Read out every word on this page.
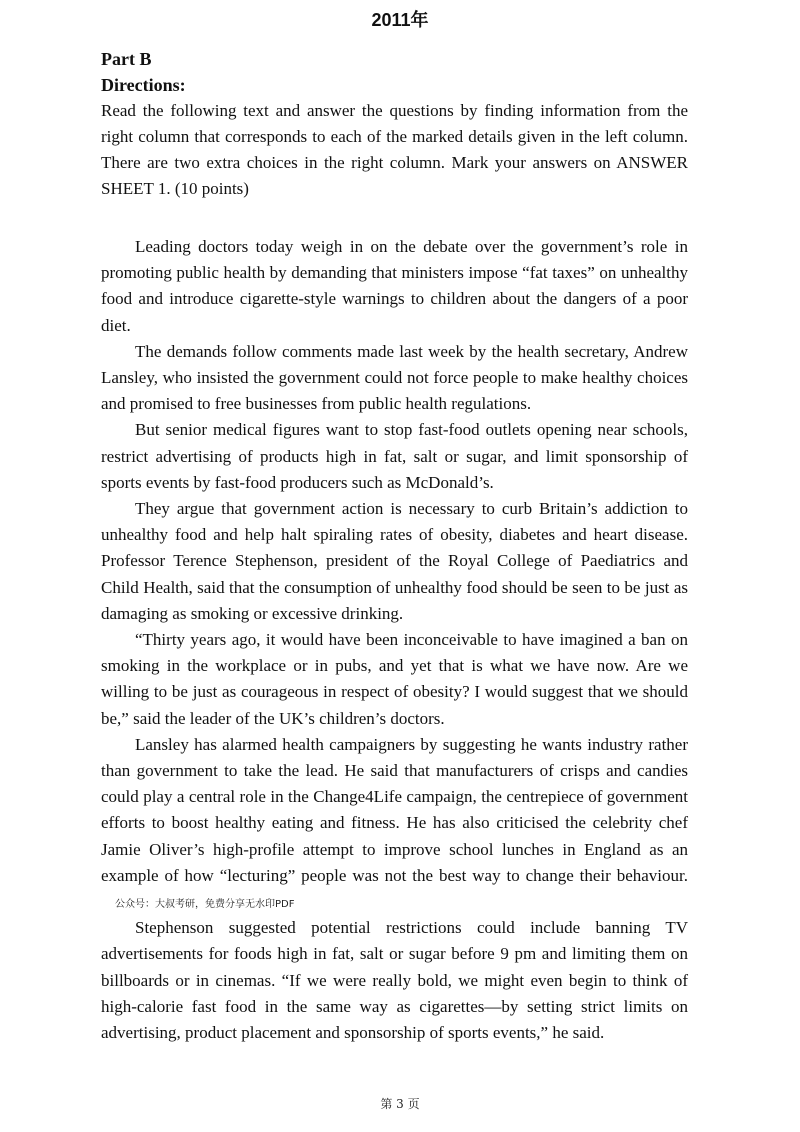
2011年

Part B

Directions:

Read the following text and answer the questions by finding information from the right column that corresponds to each of the marked details given in the left column. There are two extra choices in the right column. Mark your answers on ANSWER SHEET 1. (10 points)

Leading doctors today weigh in on the debate over the government’s role in promoting public health by demanding that ministers impose “fat taxes” on unhealthy food and introduce cigarette-style warnings to children about the dangers of a poor diet.

The demands follow comments made last week by the health secretary, Andrew Lansley, who insisted the government could not force people to make healthy choices and promised to free businesses from public health regulations.

But senior medical figures want to stop fast-food outlets opening near schools, restrict advertising of products high in fat, salt or sugar, and limit sponsorship of sports events by fast-food producers such as McDonald’s.

They argue that government action is necessary to curb Britain’s addiction to unhealthy food and help halt spiraling rates of obesity, diabetes and heart disease. Professor Terence Stephenson, president of the Royal College of Paediatrics and Child Health, said that the consumption of unhealthy food should be seen to be just as damaging as smoking or excessive drinking.

“Thirty years ago, it would have been inconceivable to have imagined a ban on smoking in the workplace or in pubs, and yet that is what we have now. Are we willing to be just as courageous in respect of obesity? I would suggest that we should be,” said the leader of the UK’s children’s doctors.

Lansley has alarmed health campaigners by suggesting he wants industry rather than government to take the lead. He said that manufacturers of crisps and candies could play a central role in the Change4Life campaign, the centrepiece of government efforts to boost healthy eating and fitness. He has also criticised the celebrity chef Jamie Oliver’s high-profile attempt to improve school lunches in England as an example of how “lecturing” people was not the best way to change their behaviour.公众号：大叔考研，免费分享无水印PDF

Stephenson suggested potential restrictions could include banning TV advertisements for foods high in fat, salt or sugar before 9 pm and limiting them on billboards or in cinemas. “If we were really bold, we might even begin to think of high-calorie fast food in the same way as cigarettes—by setting strict limits on advertising, product placement and sponsorship of sports events,” he said.

第 3 页
